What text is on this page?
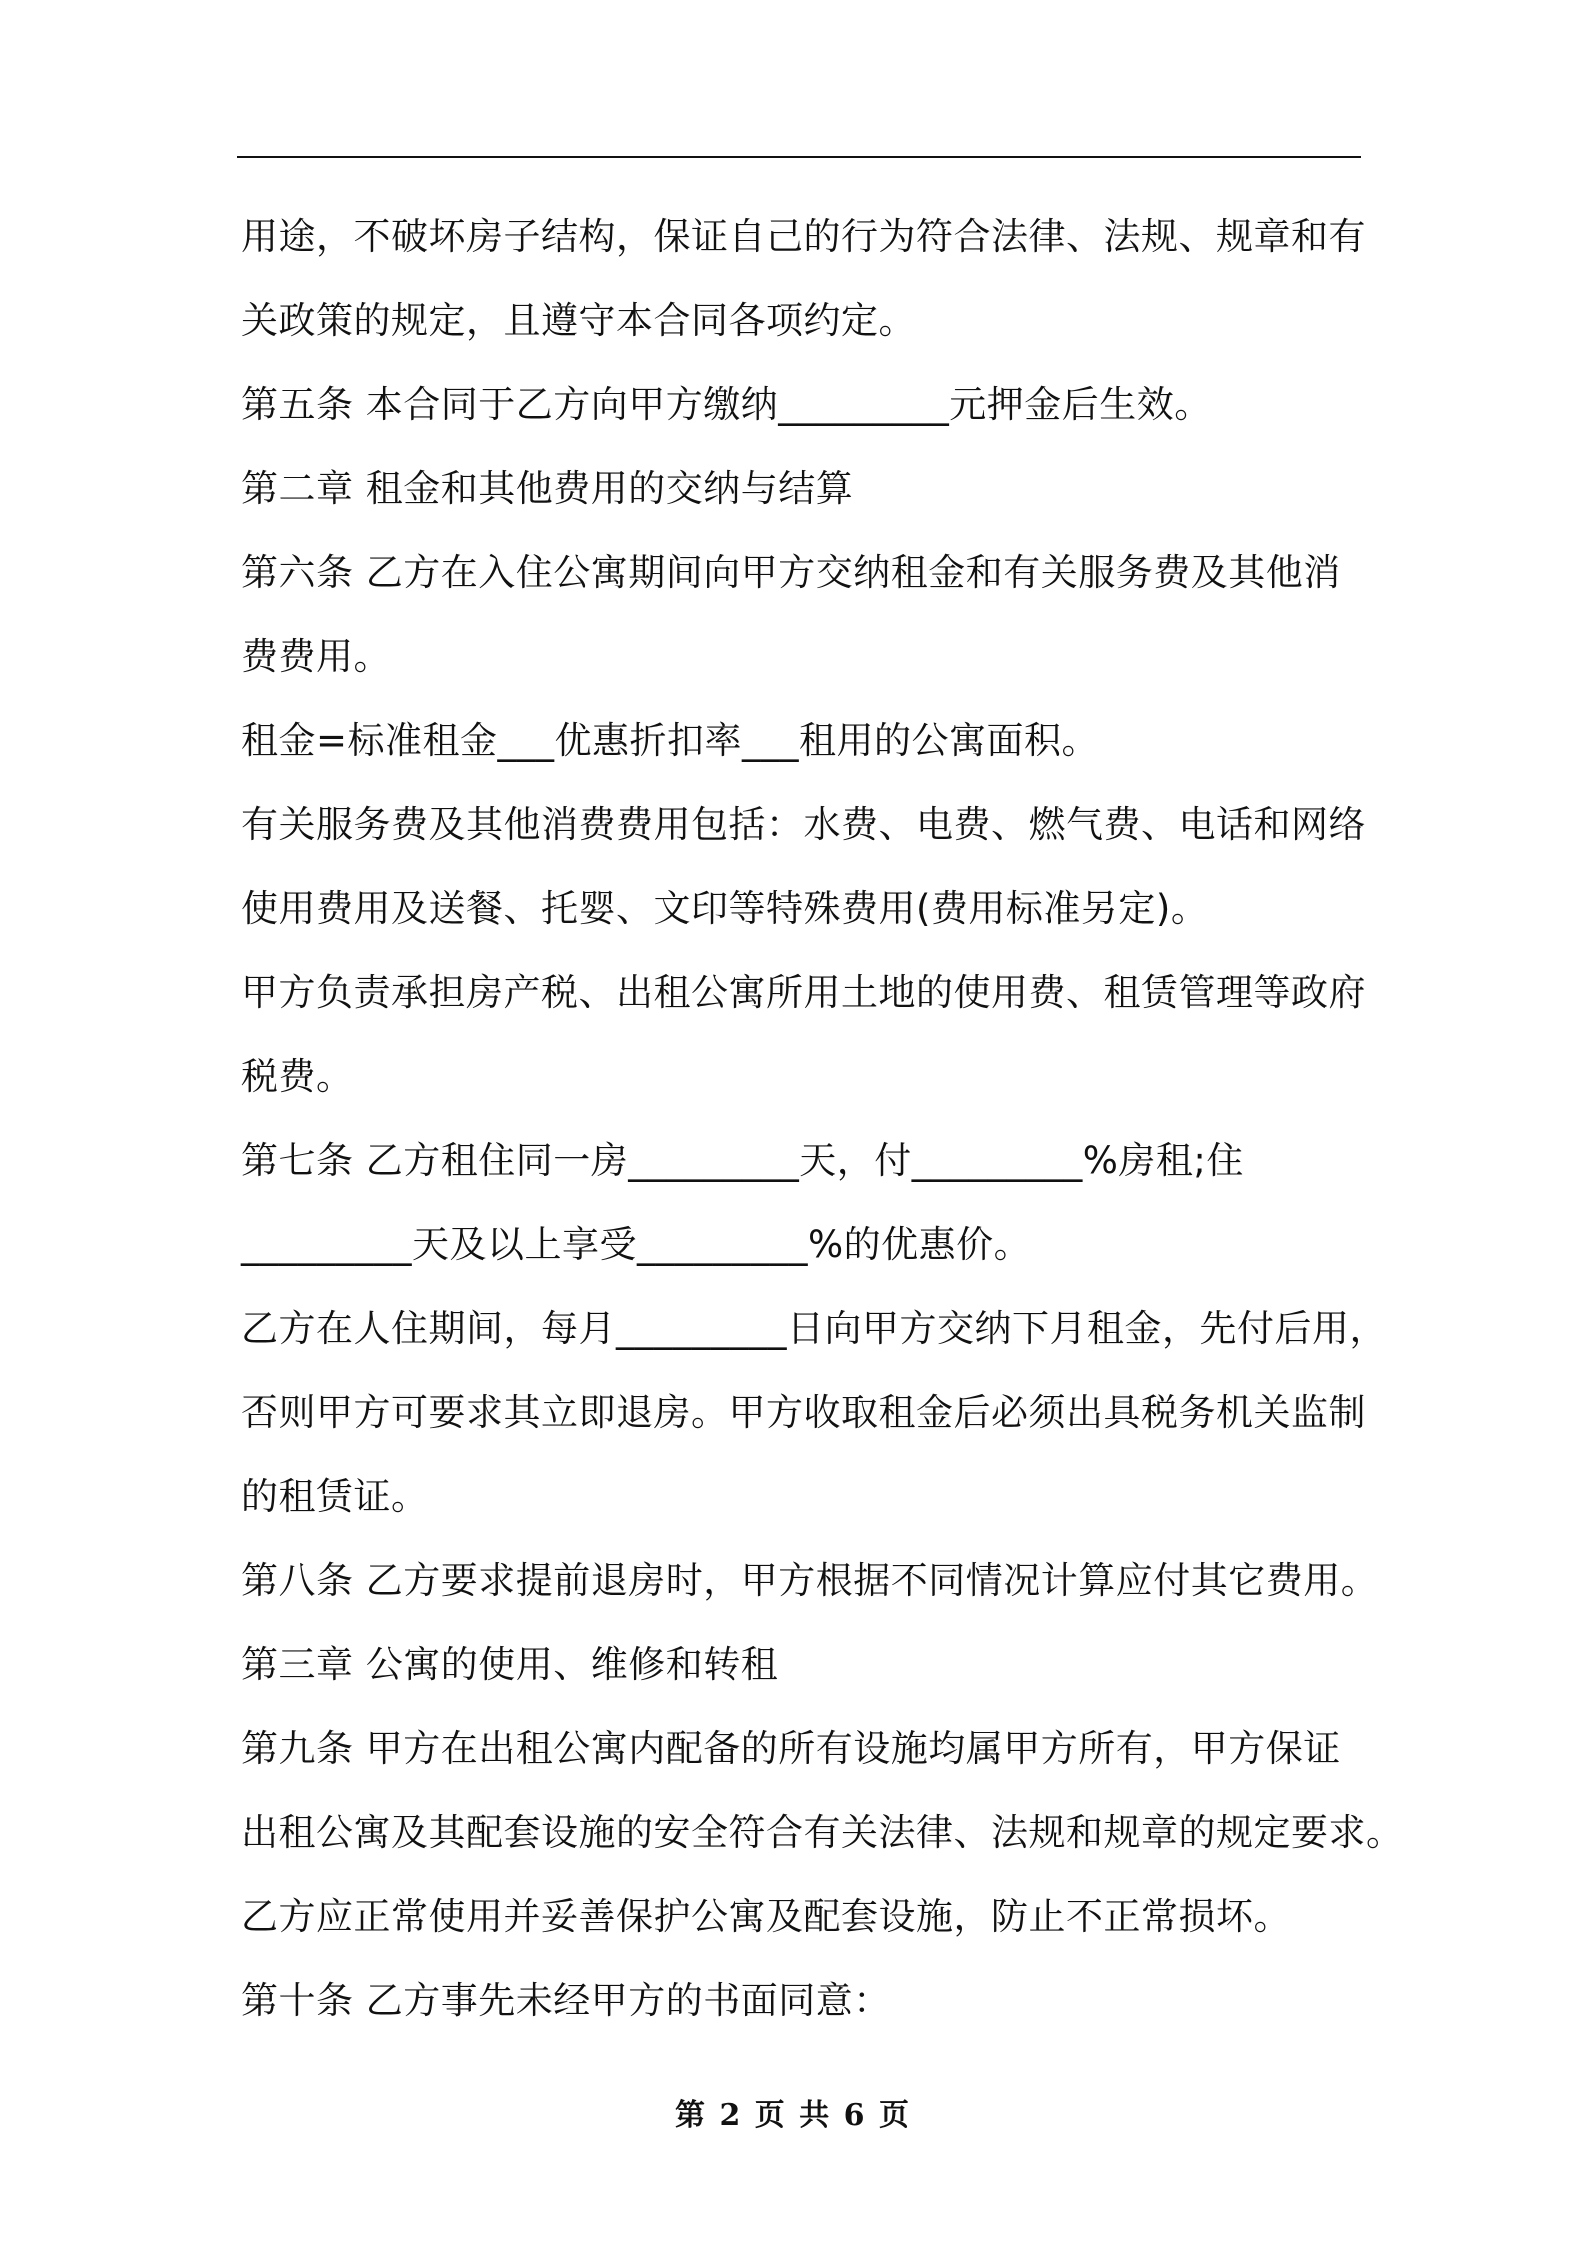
用途，不破坏房子结构，保证自己的行为符合法律、法规、规章和有
关政策的规定，且遵守本合同各项约定。
第五条 本合同于乙方向甲方缴纳_________元押金后生效。
第二章 租金和其他费用的交纳与结算
第六条 乙方在入住公寓期间向甲方交纳租金和有关服务费及其他消
费费用。
租金=标准租金___优惠折扣率___租用的公寓面积。
有关服务费及其他消费费用包括：水费、电费、燃气费、电话和网络
使用费用及送餐、托婴、文印等特殊费用(费用标准另定)。
甲方负责承担房产税、出租公寓所用土地的使用费、租赁管理等政府
税费。
第七条 乙方租住同一房_________天，付_________%房租;住
_________天及以上享受_________%的优惠价。
乙方在人住期间，每月_________日向甲方交纳下月租金，先付后用，
否则甲方可要求其立即退房。甲方收取租金后必须出具税务机关监制
的租赁证。
第八条 乙方要求提前退房时，甲方根据不同情况计算应付其它费用。
第三章 公寓的使用、维修和转租
第九条 甲方在出租公寓内配备的所有设施均属甲方所有，甲方保证
出租公寓及其配套设施的安全符合有关法律、法规和规章的规定要求。
乙方应正常使用并妥善保护公寓及配套设施，防止不正常损坏。
第十条 乙方事先未经甲方的书面同意：
第 2 页 共 6 页
